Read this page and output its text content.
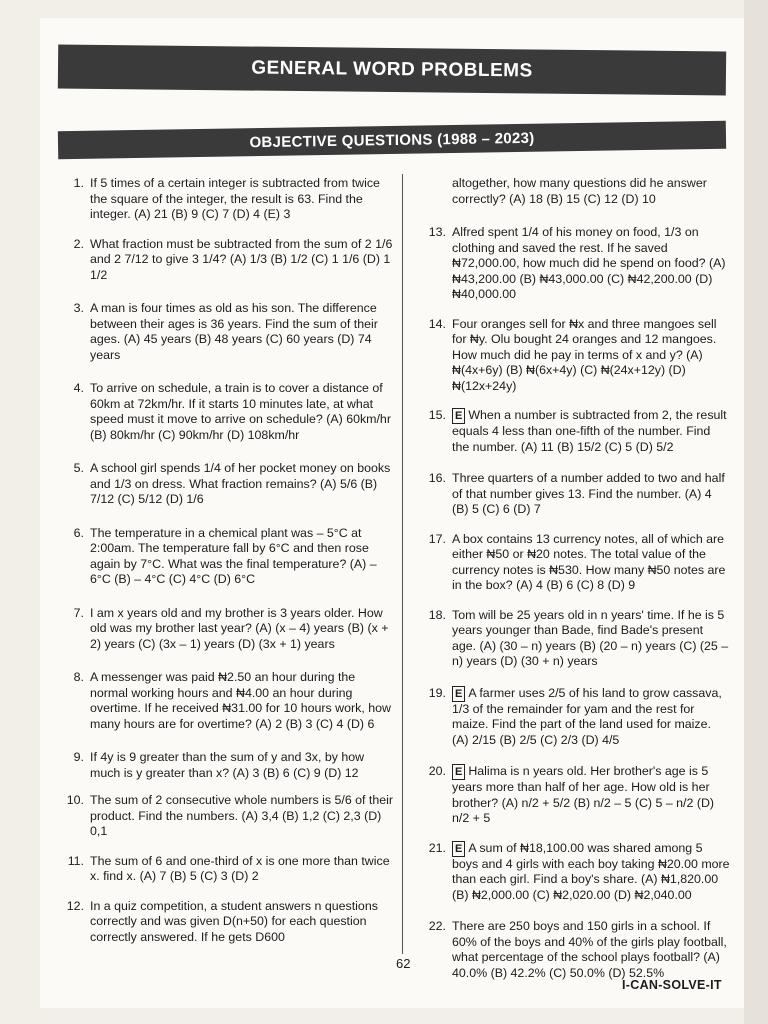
GENERAL WORD PROBLEMS
OBJECTIVE QUESTIONS (1988 – 2023)
1. If 5 times of a certain integer is subtracted from twice the square of the integer, the result is 63. Find the integer. (A) 21 (B) 9 (C) 7 (D) 4 (E) 3
2. What fraction must be subtracted from the sum of 2 1/6 and 2 7/12 to give 3 1/4? (A) 1/3 (B) 1/2 (C) 1 1/6 (D) 1 1/2
3. A man is four times as old as his son. The difference between their ages is 36 years. Find the sum of their ages. (A) 45 years (B) 48 years (C) 60 years (D) 74 years
4. To arrive on schedule, a train is to cover a distance of 60km at 72km/hr. If it starts 10 minutes late, at what speed must it move to arrive on schedule? (A) 60km/hr (B) 80km/hr (C) 90km/hr (D) 108km/hr
5. A school girl spends 1/4 of her pocket money on books and 1/3 on dress. What fraction remains? (A) 5/6 (B) 7/12 (C) 5/12 (D) 1/6
6. The temperature in a chemical plant was – 5°C at 2:00am. The temperature fall by 6°C and then rose again by 7°C. What was the final temperature? (A) – 6°C (B) – 4°C (C) 4°C (D) 6°C
7. I am x years old and my brother is 3 years older. How old was my brother last year? (A) (x – 4) years (B) (x + 2) years (C) (3x – 1) years (D) (3x + 1) years
8. A messenger was paid ₦2.50 an hour during the normal working hours and ₦4.00 an hour during overtime. If he received ₦31.00 for 10 hours work, how many hours are for overtime? (A) 2 (B) 3 (C) 4 (D) 6
9. If 4y is 9 greater than the sum of y and 3x, by how much is y greater than x? (A) 3 (B) 6 (C) 9 (D) 12
10. The sum of 2 consecutive whole numbers is 5/6 of their product. Find the numbers. (A) 3,4 (B) 1,2 (C) 2,3 (D) 0,1
11. The sum of 6 and one-third of x is one more than twice x. find x. (A) 7 (B) 5 (C) 3 (D) 2
12. In a quiz competition, a student answers n questions correctly and was given D(n+50) for each question correctly answered. If he gets D600
altogether, how many questions did he answer correctly? (A) 18 (B) 15 (C) 12 (D) 10
13. Alfred spent 1/4 of his money on food, 1/3 on clothing and saved the rest. If he saved ₦72,000.00, how much did he spend on food? (A) ₦43,200.00 (B) ₦43,000.00 (C) ₦42,200.00 (D) ₦40,000.00
14. Four oranges sell for ₦x and three mangoes sell for ₦y. Olu bought 24 oranges and 12 mangoes. How much did he pay in terms of x and y? (A) ₦(4x+6y) (B) ₦(6x+4y) (C) ₦(24x+12y) (D) ₦(12x+24y)
15. E When a number is subtracted from 2, the result equals 4 less than one-fifth of the number. Find the number. (A) 11 (B) 15/2 (C) 5 (D) 5/2
16. Three quarters of a number added to two and half of that number gives 13. Find the number. (A) 4 (B) 5 (C) 6 (D) 7
17. A box contains 13 currency notes, all of which are either ₦50 or ₦20 notes. The total value of the currency notes is ₦530. How many ₦50 notes are in the box? (A) 4 (B) 6 (C) 8 (D) 9
18. Tom will be 25 years old in n years' time. If he is 5 years younger than Bade, find Bade's present age. (A) (30 – n) years (B) (20 – n) years (C) (25 – n) years (D) (30 + n) years
19. E A farmer uses 2/5 of his land to grow cassava, 1/3 of the remainder for yam and the rest for maize. Find the part of the land used for maize. (A) 2/15 (B) 2/5 (C) 2/3 (D) 4/5
20. E Halima is n years old. Her brother's age is 5 years more than half of her age. How old is her brother? (A) n/2 + 5/2 (B) n/2 – 5 (C) 5 – n/2 (D) n/2 + 5
21. E A sum of ₦18,100.00 was shared among 5 boys and 4 girls with each boy taking ₦20.00 more than each girl. Find a boy's share. (A) ₦1,820.00 (B) ₦2,000.00 (C) ₦2,020.00 (D) ₦2,040.00
22. There are 250 boys and 150 girls in a school. If 60% of the boys and 40% of the girls play football, what percentage of the school plays football? (A) 40.0% (B) 42.2% (C) 50.0% (D) 52.5%
62
I-CAN-SOLVE-IT
